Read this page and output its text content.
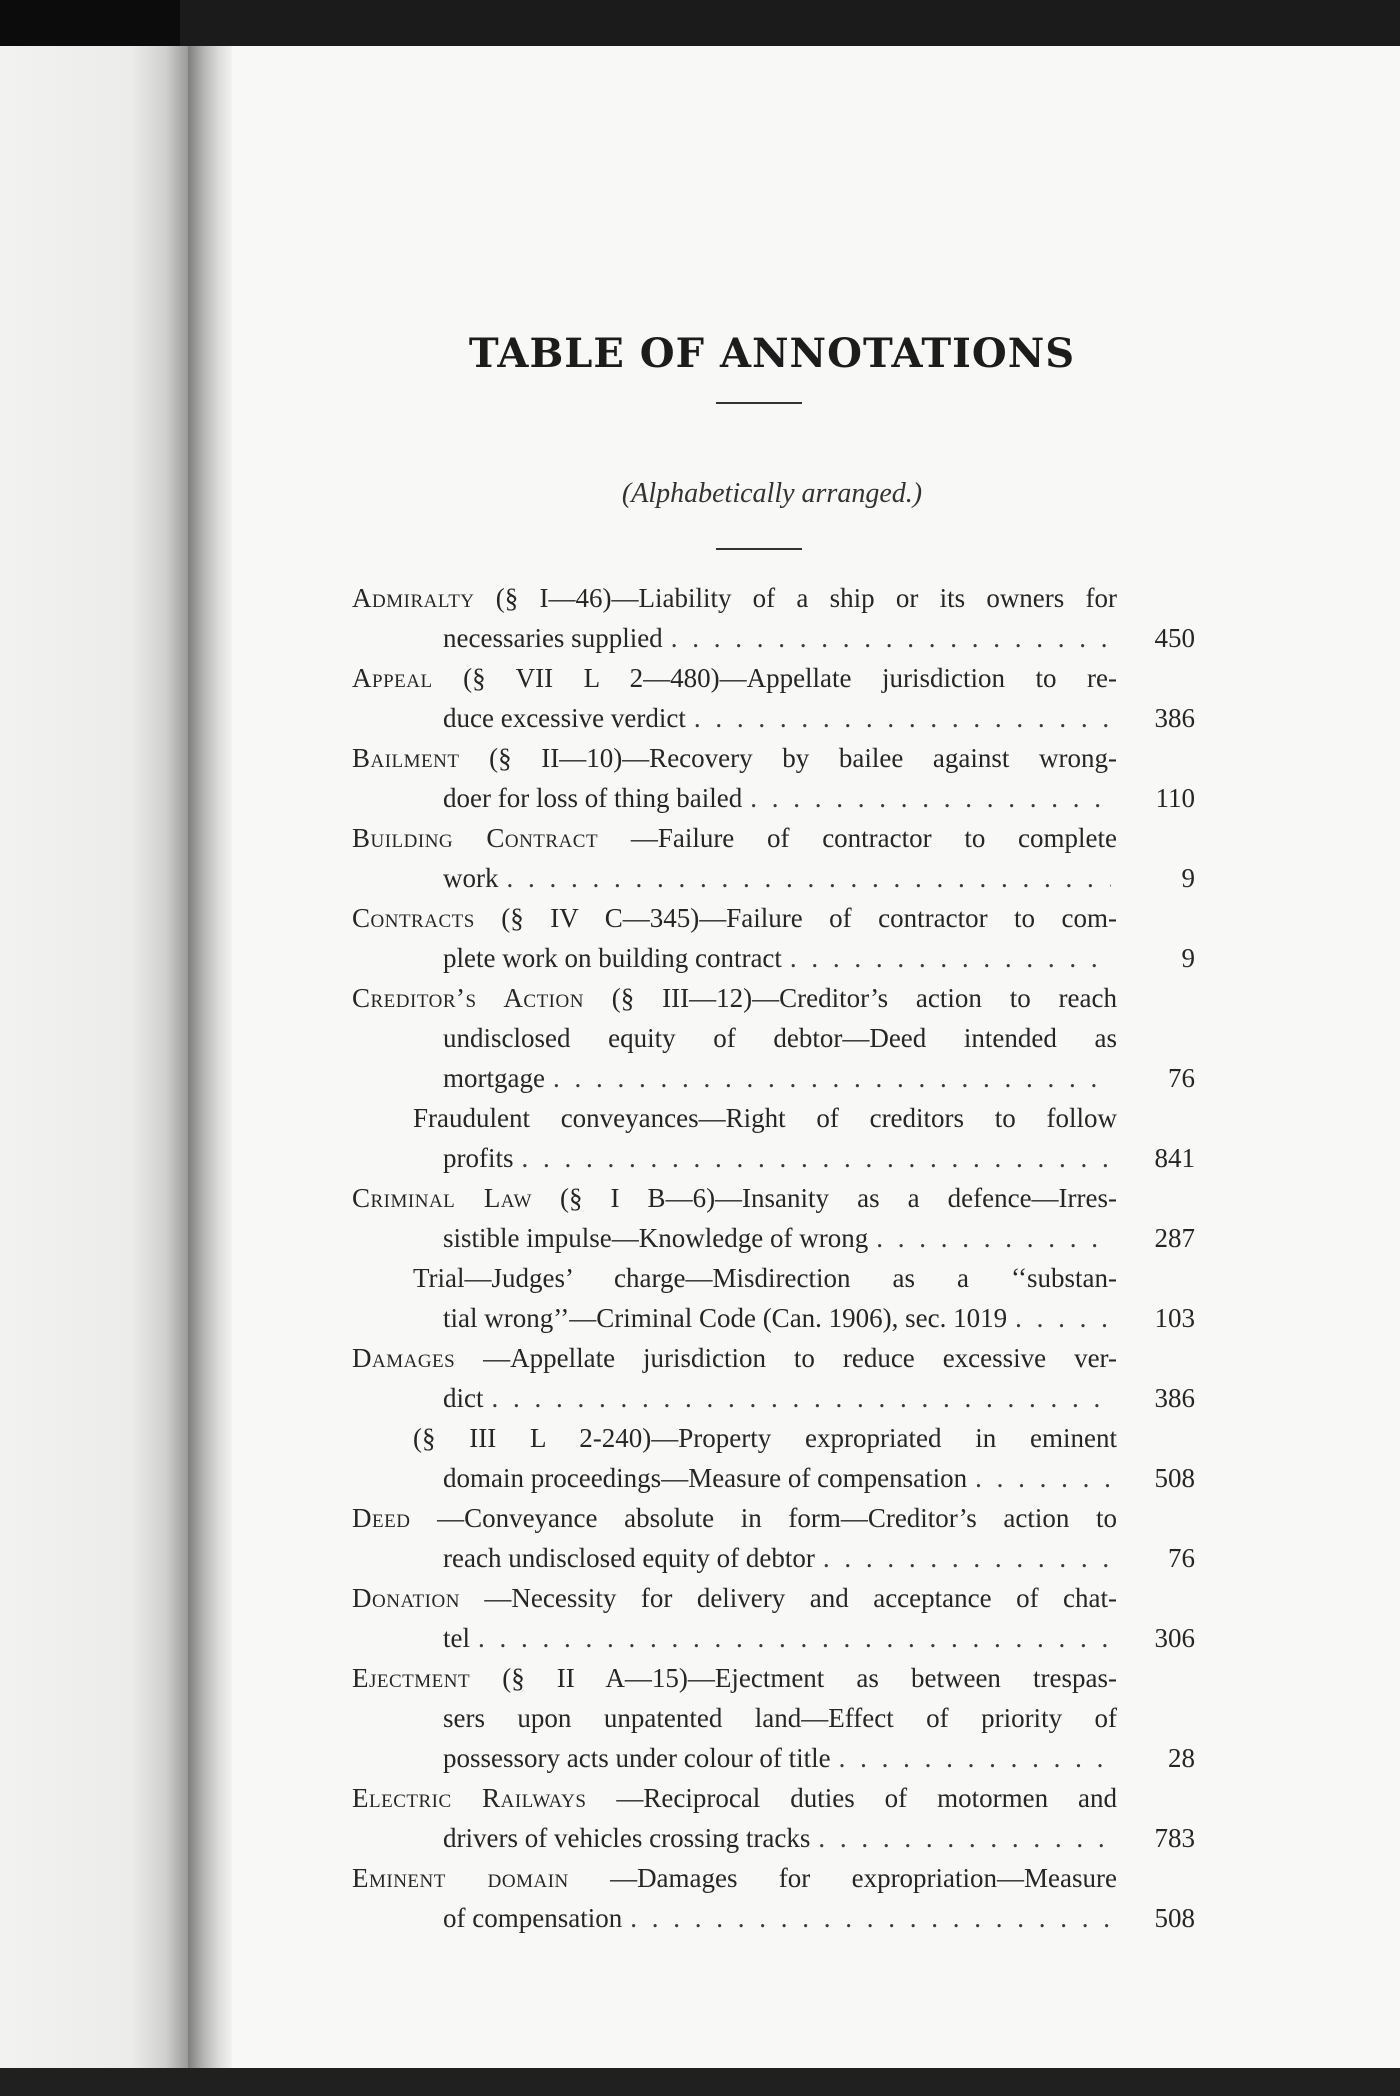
TABLE OF ANNOTATIONS
(Alphabetically arranged.)
Admiralty (§ I—46)—Liability of a ship or its owners for
necessaries supplied . . .	450
Appeal (§ VII L 2—480)—Appellate jurisdiction to re-
duce excessive verdict . . .	386
Bailment (§ II—10)—Recovery by bailee against wrong-
doer for loss of thing bailed . . .	110
Building Contract —Failure of contractor to complete
work . . .	9
Contracts (§ IV C—345)—Failure of contractor to com-
plete work on building contract . . .	9
Creditor’s Action (§ III—12)—Creditor’s action to reach
undisclosed equity of debtor—Deed intended as
mortgage . . .	76
Fraudulent conveyances—Right of creditors to follow
profits . . .	841
Criminal Law (§ I B—6)—Insanity as a defence—Irres-
sistible impulse—Knowledge of wrong . . .	287
Trial—Judges’ charge—Misdirection as a ‘‘substan-
tial wrong’’—Criminal Code (Can. 1906), sec. 1019 . . .	103
Damages —Appellate jurisdiction to reduce excessive ver-
dict . . .	386
(§ III L 2-240)—Property expropriated in eminent
domain proceedings—Measure of compensation . . .	508
Deed —Conveyance absolute in form—Creditor’s action to
reach undisclosed equity of debtor . . .	76
Donation —Necessity for delivery and acceptance of chat-
tel . . .	306
Ejectment (§ II A—15)—Ejectment as between trespas-
sers upon unpatented land—Effect of priority of
possessory acts under colour of title . . .	28
Electric Railways —Reciprocal duties of motormen and
drivers of vehicles crossing tracks . . .	783
Eminent domain —Damages for expropriation—Measure
of compensation . . .	508
